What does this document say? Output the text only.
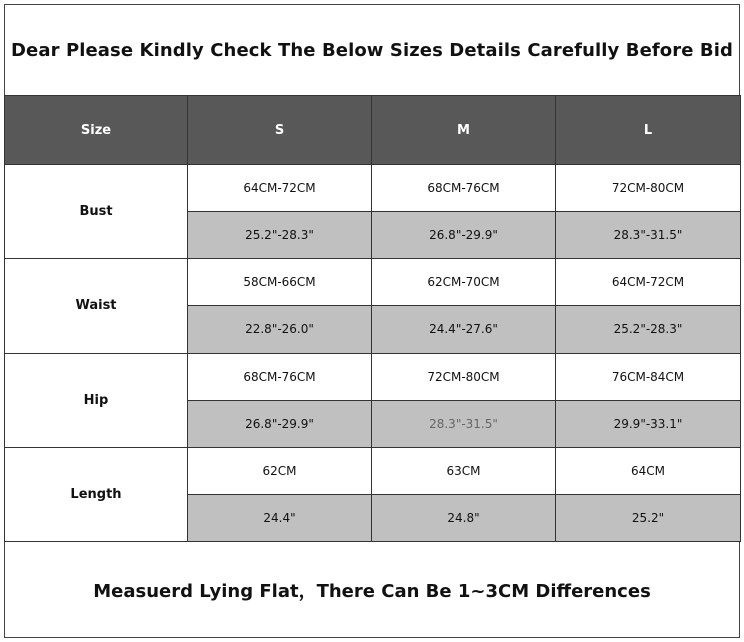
Dear Please Kindly Check The Below Sizes Details Carefully Before Bid
Size	S	M	L
Bust	64CM-72CM	68CM-76CM	72CM-80CM
	25.2"-28.3"	26.8"-29.9"	28.3"-31.5"
Waist	58CM-66CM	62CM-70CM	64CM-72CM
	22.8"-26.0"	24.4"-27.6"	25.2"-28.3"
Hip	68CM-76CM	72CM-80CM	76CM-84CM
	26.8"-29.9"	28.3"-31.5"	29.9"-33.1"
Length	62CM	63CM	64CM
	24.4"	24.8"	25.2"
Measuerd Lying Flat，There Can Be 1~3CM Differences
